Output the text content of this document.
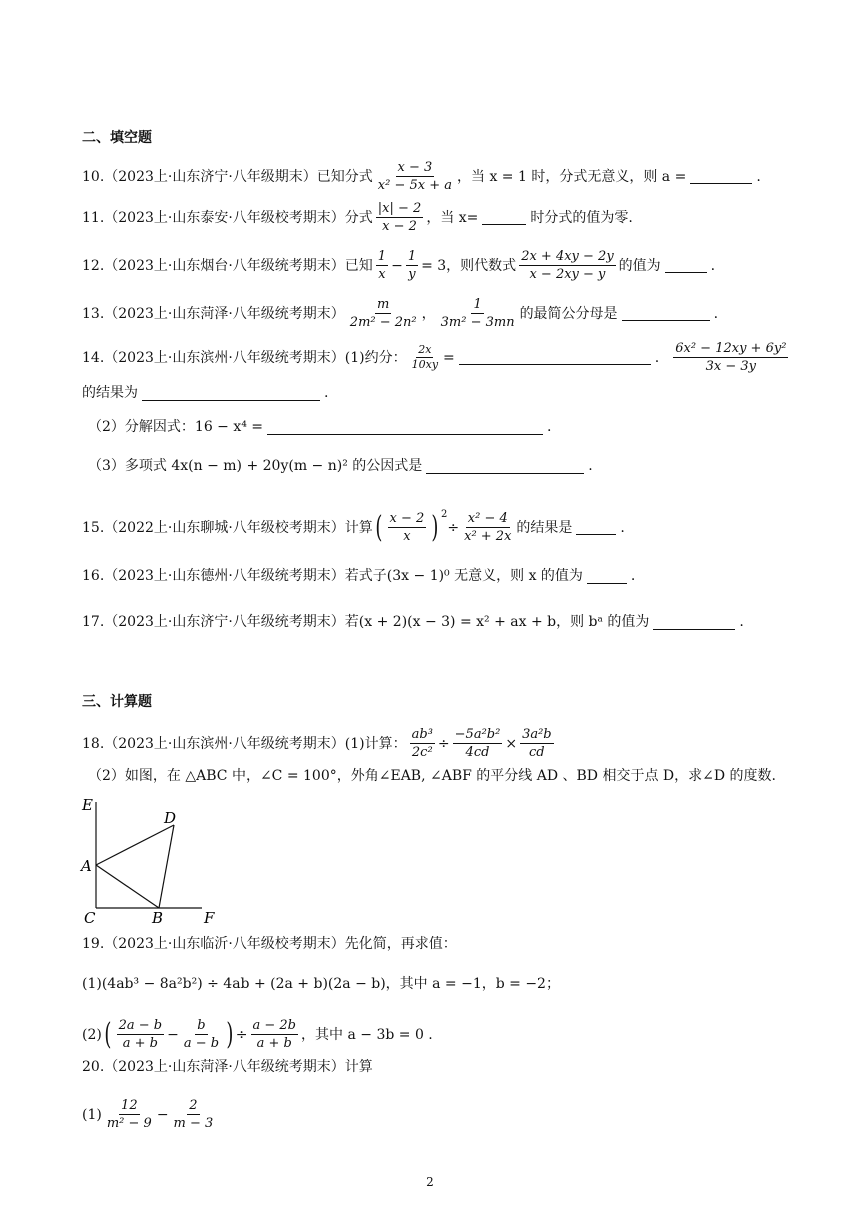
二、填空题
10.（2023上·山东济宁·八年级期末）已知分式 $\frac{x - 3}{\text{x² − 5x + a}}$ ，当 x = 1 时，分式无意义，则 a =	.
11.（2023上·山东泰安·八年级校考期末）分式 $\frac{|x| - 2}{x - 2}$ ，当 x=	时分式的值为零.
12.（2023上·山东烟台·八年级统考期末）已知 $\frac{1}{x} - \frac{1}{y} = 3$，则代数式 $\frac{2x + 4xy - 2y}{x - 2xy - y}$ 的值为	.
13.（2023上·山东菏泽·八年级统考期末） $\frac{m}{\text{2m² − 2n²}}$ ， $\frac{1}{\text{3m² − 3mn}}$ 的最简公分母是	.
14.（2023上·山东滨州·八年级统考期末）(1)约分： $\frac{2x}{10xy}$ =	. $\frac{\text{6x² − 12xy + 6y²}}{3x - 3y}$
的结果为	.
（2）分解因式：16 − x⁴ =	.
（3）多项式 4x(n − m) + 20y(m − n)² 的公因式是	.
15.（2022上·山东聊城·八年级校考期末）计算 ( $\frac{x - 2}{x} )^2$
÷ $\frac{\text{x² − 4}}{\text{x² + 2x}}$ 的结果是	.
16.（2023上·山东德州·八年级统考期末）若式子(3x − 1)⁰ 无意义，则 x 的值为	.
17.（2023上·山东济宁·八年级统考期末）若(x + 2)(x − 3) = x² + ax + b，则 bᵃ 的值为	.
三、计算题
18.（2023上·山东滨州·八年级统考期末）(1)计算： $\frac{\text{ab³}}{\text{2c²}} \div \frac{\text{−5a²b²}}{4cd} \times \frac{\text{3a²b}}{cd}$
（2）如图，在 △ABC 中，∠C = 100°，外角∠EAB, ∠ABF 的平分线 AD 、BD 相交于点 D，求∠D 的度数.
E
D
A
C	B	F
19.（2023上·山东临沂·八年级校考期末）先化简，再求值：
(1)(4ab³ − 8a²b²) ÷ 4ab + (2a + b)(2a − b)，其中 a = −1，b = −2；
(2) ( $\frac{2a - b}{a + b} - \frac{b}{a - b}$ ) ÷ $\frac{a - 2b}{a + b}$ ，其中 a − 3b = 0 .
20.（2023上·山东菏泽·八年级统考期末）计算
$(1) \frac{12}{\text{m² − 9}} - \frac{2}{m - 3}$
2
